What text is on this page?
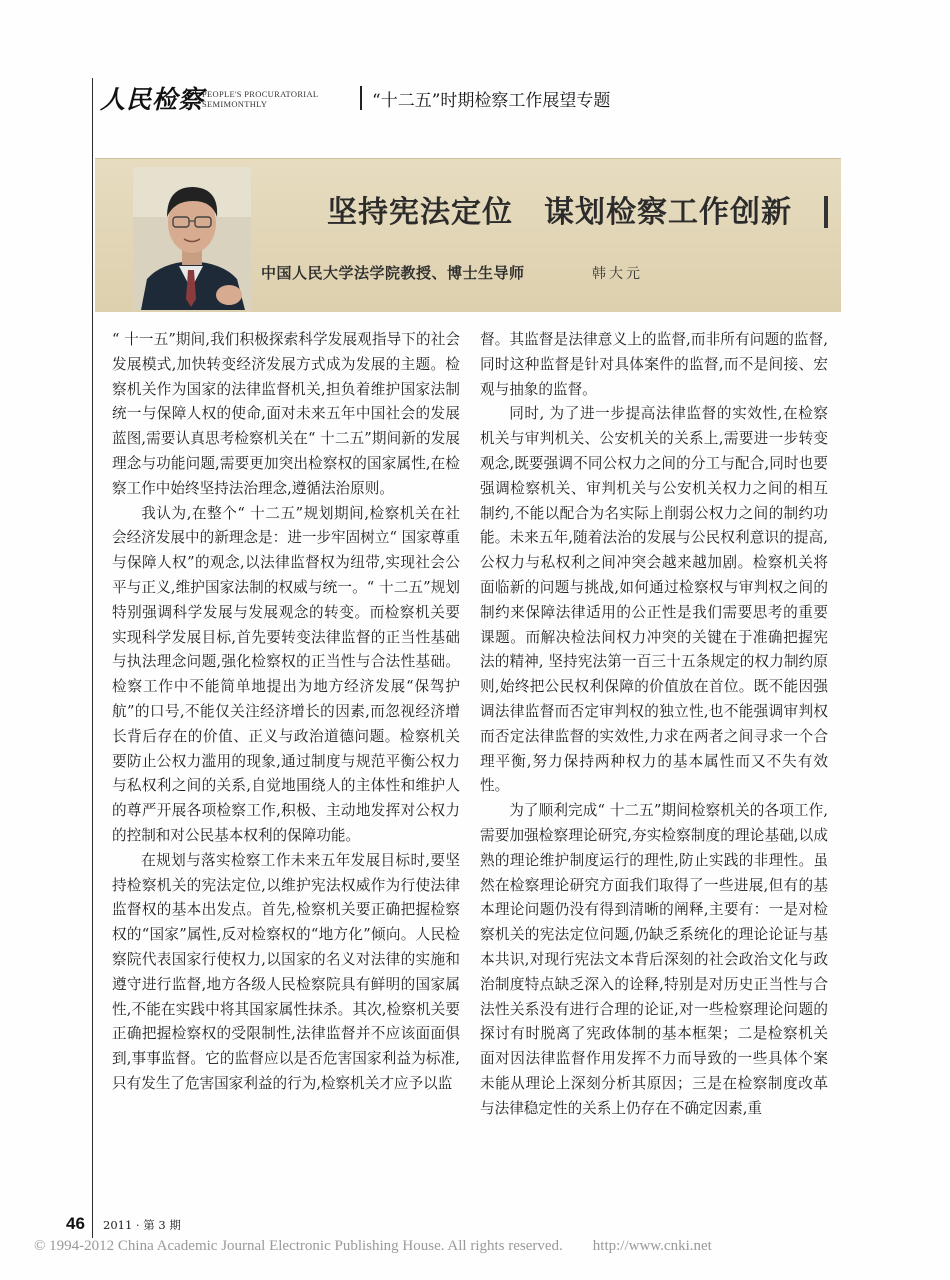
人民检察
PEOPLE'S PROCURATORIAL
SEMIMONTHLY	“十二五”时期检察工作展望专题
坚持宪法定位　谋划检察工作创新
中国人民大学法学院教授、博士生导师	韩大元

“ 十一五”期间,我们积极探索科学发展观指导下的社会发展模式,加快转变经济发展方式成为发展的主题。检察机关作为国家的法律监督机关,担负着维护国家法制统一与保障人权的使命,面对未来五年中国社会的发展蓝图,需要认真思考检察机关在“ 十二五”期间新的发展理念与功能问题,需要更加突出检察权的国家属性,在检察工作中始终坚持法治理念,遵循法治原则。

我认为,在整个“ 十二五”规划期间,检察机关在社会经济发展中的新理念是：进一步牢固树立“ 国家尊重与保障人权”的观念,以法律监督权为纽带,实现社会公平与正义,维护国家法制的权威与统一。“ 十二五”规划特别强调科学发展与发展观念的转变。而检察机关要实现科学发展目标,首先要转变法律监督的正当性基础与执法理念问题,强化检察权的正当性与合法性基础。检察工作中不能简单地提出为地方经济发展“保驾护航”的口号,不能仅关注经济增长的因素,而忽视经济增长背后存在的价值、正义与政治道德问题。检察机关要防止公权力滥用的现象,通过制度与规范平衡公权力与私权利之间的关系,自觉地围绕人的主体性和维护人的尊严开展各项检察工作,积极、主动地发挥对公权力的控制和对公民基本权利的保障功能。

在规划与落实检察工作未来五年发展目标时,要坚持检察机关的宪法定位,以维护宪法权威作为行使法律监督权的基本出发点。首先,检察机关要正确把握检察权的“国家”属性,反对检察权的“地方化”倾向。人民检察院代表国家行使权力,以国家的名义对法律的实施和遵守进行监督,地方各级人民检察院具有鲜明的国家属性,不能在实践中将其国家属性抹杀。其次,检察机关要正确把握检察权的受限制性,法律监督并不应该面面俱到,事事监督。它的监督应以是否危害国家利益为标准,只有发生了危害国家利益的行为,检察机关才应予以监

督。其监督是法律意义上的监督,而非所有问题的监督,同时这种监督是针对具体案件的监督,而不是间接、宏观与抽象的监督。

同时, 为了进一步提高法律监督的实效性,在检察机关与审判机关、公安机关的关系上,需要进一步转变观念,既要强调不同公权力之间的分工与配合,同时也要强调检察机关、审判机关与公安机关权力之间的相互制约,不能以配合为名实际上削弱公权力之间的制约功能。未来五年,随着法治的发展与公民权利意识的提高,公权力与私权利之间冲突会越来越加剧。检察机关将面临新的问题与挑战,如何通过检察权与审判权之间的制约来保障法律适用的公正性是我们需要思考的重要课题。而解决检法间权力冲突的关键在于准确把握宪法的精神, 坚持宪法第一百三十五条规定的权力制约原则,始终把公民权利保障的价值放在首位。既不能因强调法律监督而否定审判权的独立性,也不能强调审判权而否定法律监督的实效性,力求在两者之间寻求一个合理平衡,努力保持两种权力的基本属性而又不失有效性。

为了顺利完成“ 十二五”期间检察机关的各项工作,需要加强检察理论研究,夯实检察制度的理论基础,以成熟的理论维护制度运行的理性,防止实践的非理性。虽然在检察理论研究方面我们取得了一些进展,但有的基本理论问题仍没有得到清晰的阐释,主要有：一是对检察机关的宪法定位问题,仍缺乏系统化的理论论证与基本共识,对现行宪法文本背后深刻的社会政治文化与政治制度特点缺乏深入的诠释,特别是对历史正当性与合法性关系没有进行合理的论证,对一些检察理论问题的探讨有时脱离了宪政体制的基本框架；二是检察机关面对因法律监督作用发挥不力而导致的一些具体个案未能从理论上深刻分析其原因；三是在检察制度改革与法律稳定性的关系上仍存在不确定因素,重

46 2011 · 第 3 期
© 1994-2012 China Academic Journal Electronic Publishing House. All rights reserved.　　http://www.cnki.net
